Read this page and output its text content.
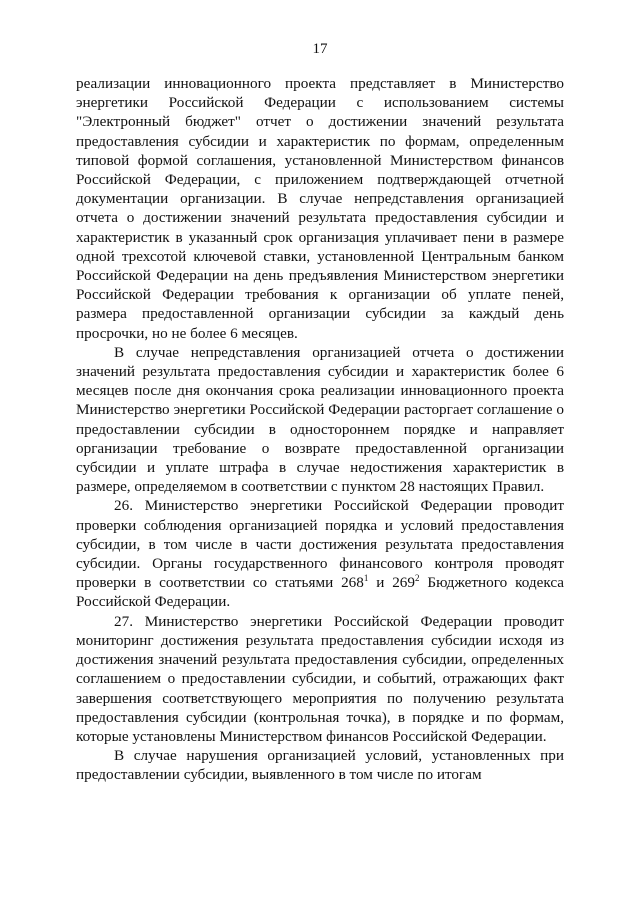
17

реализации инновационного проекта представляет в Министерство энергетики Российской Федерации с использованием системы "Электронный бюджет" отчет о достижении значений результата предоставления субсидии и характеристик по формам, определенным типовой формой соглашения, установленной Министерством финансов Российской Федерации, с приложением подтверждающей отчетной документации организации. В случае непредставления организацией отчета о достижении значений результата предоставления субсидии и характеристик в указанный срок организация уплачивает пени в размере одной трехсотой ключевой ставки, установленной Центральным банком Российской Федерации на день предъявления Министерством энергетики Российской Федерации требования к организации об уплате пеней, размера предоставленной организации субсидии за каждый день просрочки, но не более 6 месяцев.

В случае непредставления организацией отчета о достижении значений результата предоставления субсидии и характеристик более 6 месяцев после дня окончания срока реализации инновационного проекта Министерство энергетики Российской Федерации расторгает соглашение о предоставлении субсидии в одностороннем порядке и направляет организации требование о возврате предоставленной организации субсидии и уплате штрафа в случае недостижения характеристик в размере, определяемом в соответствии с пунктом 28 настоящих Правил.

26. Министерство энергетики Российской Федерации проводит проверки соблюдения организацией порядка и условий предоставления субсидии, в том числе в части достижения результата предоставления субсидии. Органы государственного финансового контроля проводят проверки в соответствии со статьями $268^1$ и $269^2$ Бюджетного кодекса Российской Федерации.

27. Министерство энергетики Российской Федерации проводит мониторинг достижения результата предоставления субсидии исходя из достижения значений результата предоставления субсидии, определенных соглашением о предоставлении субсидии, и событий, отражающих факт завершения соответствующего мероприятия по получению результата предоставления субсидии (контрольная точка), в порядке и по формам, которые установлены Министерством финансов Российской Федерации.

В случае нарушения организацией условий, установленных при предоставлении субсидии, выявленного в том числе по итогам
